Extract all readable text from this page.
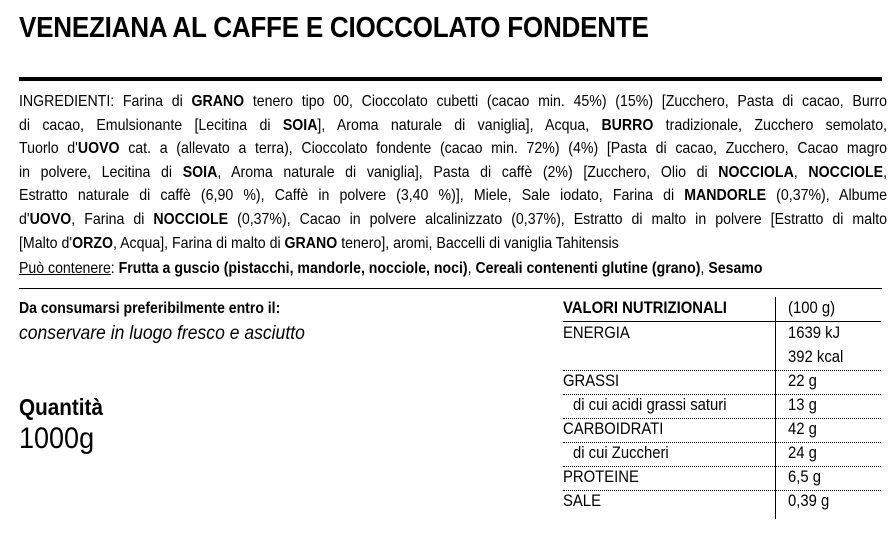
VENEZIANA AL CAFFE E CIOCCOLATO FONDENTE
INGREDIENTI: Farina di GRANO tenero tipo 00, Cioccolato cubetti (cacao min. 45%) (15%) [Zucchero, Pasta di cacao, Burro
di cacao, Emulsionante [Lecitina di SOIA], Aroma naturale di vaniglia], Acqua, BURRO tradizionale, Zucchero semolato,
Tuorlo d'UOVO cat. a (allevato a terra), Cioccolato fondente (cacao min. 72%) (4%) [Pasta di cacao, Zucchero, Cacao magro
in polvere, Lecitina di SOIA, Aroma naturale di vaniglia], Pasta di caffè (2%) [Zucchero, Olio di NOCCIOLA, NOCCIOLE,
Estratto naturale di caffè (6,90 %), Caffè in polvere (3,40 %)], Miele, Sale iodato, Farina di MANDORLE (0,37%), Albume
d'UOVO, Farina di NOCCIOLE (0,37%), Cacao in polvere alcalinizzato (0,37%), Estratto di malto in polvere [Estratto di malto
[Malto d'ORZO, Acqua], Farina di malto di GRANO tenero], aromi, Baccelli di vaniglia Tahitensis
Può contenere: Frutta a guscio (pistacchi, mandorle, nocciole, noci), Cereali contenenti glutine (grano), Sesamo
Da consumarsi preferibilmente entro il:
conservare in luogo fresco e asciutto
Quantità
1000g
VALORI NUTRIZIONALI	(100 g)
ENERGIA	1639 kJ
392 kcal
GRASSI	22 g
di cui acidi grassi saturi	13 g
CARBOIDRATI	42 g
di cui Zuccheri	24 g
PROTEINE	6,5 g
SALE	0,39 g
